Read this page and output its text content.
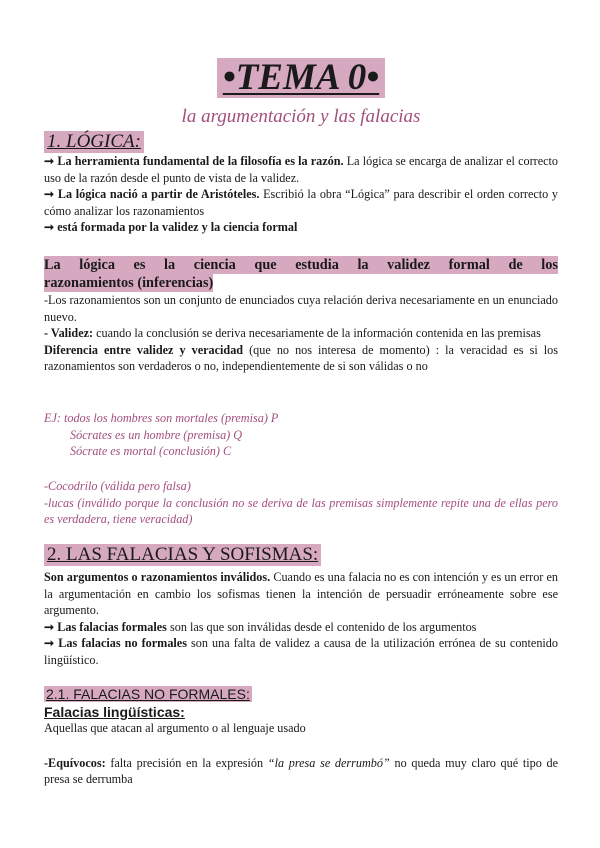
•TEMA 0•
la argumentación y las falacias
1. LÓGICA:

➞ La herramienta fundamental de la filosofía es la razón. La lógica se encarga de analizar el correcto uso de la razón desde el punto de vista de la validez.

➞ La lógica nació a partir de Aristóteles. Escribió la obra “Lógica” para describir el orden correcto y cómo analizar los razonamientos

➞ está formada por la validez y la ciencia formal

La lógica es la ciencia que estudia la validez formal de los
razonamientos (inferencias)

-Los razonamientos son un conjunto de enunciados cuya relación deriva necesariamente en un enunciado nuevo.

- Validez: cuando la conclusión se deriva necesariamente de la información contenida en las premisas

Diferencia entre validez y veracidad (que no nos interesa de momento) : la veracidad es si los razonamientos son verdaderos o no, independientemente de si son válidas o no

EJ: todos los hombres son mortales (premisa) P

Sócrates es un hombre (premisa) Q

Sócrate es mortal (conclusión) C

-Cocodrilo (válida pero falsa)

-lucas (inválido porque la conclusión no se deriva de las premisas simplemente repite una de ellas pero es verdadera, tiene veracidad)

2. LAS FALACIAS Y SOFISMAS:

Son argumentos o razonamientos inválidos. Cuando es una falacia no es con intención y es un error en la argumentación en cambio los sofismas tienen la intención de persuadir erróneamente sobre ese argumento.

➞ Las falacias formales son las que son inválidas desde el contenido de los argumentos

➞ Las falacias no formales son una falta de validez a causa de la utilización errónea de su contenido lingüístico.

2.1. FALACIAS NO FORMALES:
Falacias lingüísticas:

Aquellas que atacan al argumento o al lenguaje usado

-Equívocos: falta precisión en la expresión “la presa se derrumbó” no queda muy claro qué tipo de presa se derrumba
